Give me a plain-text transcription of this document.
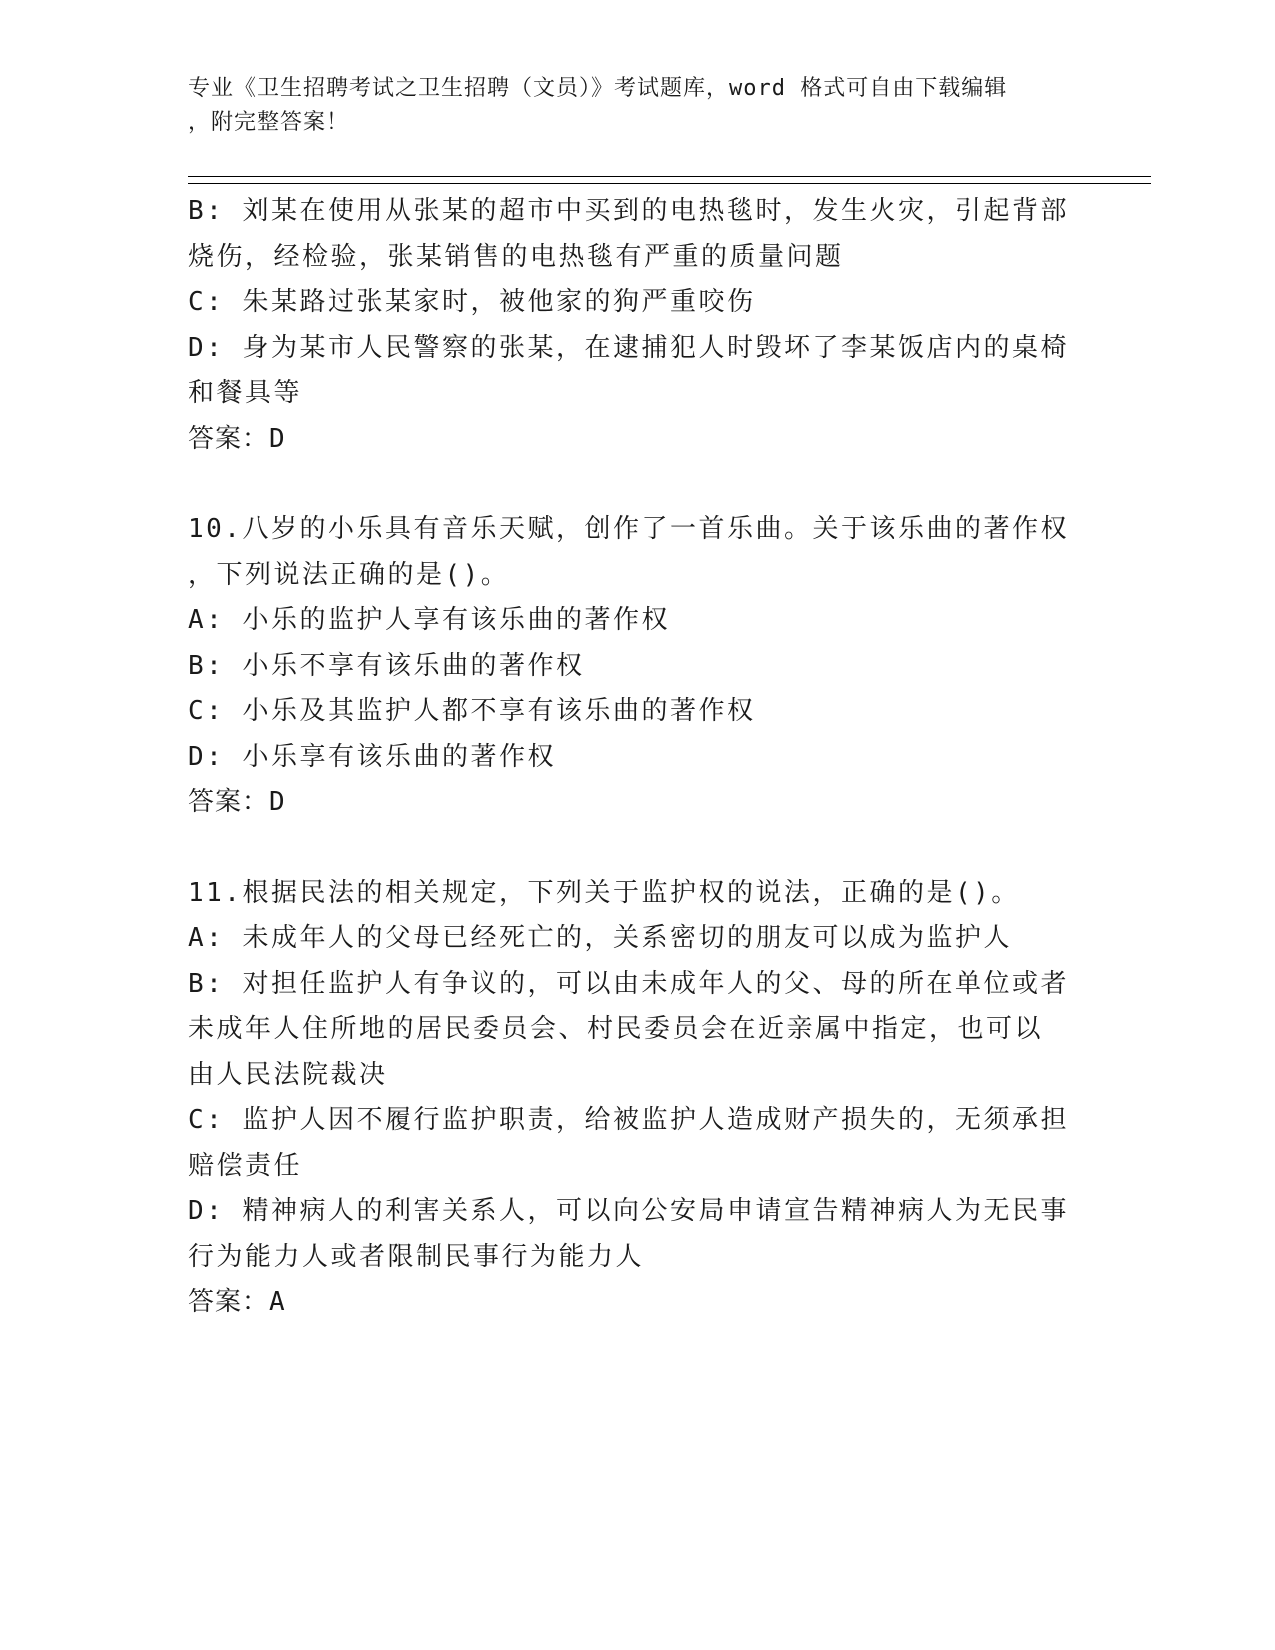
专业《卫生招聘考试之卫生招聘（文员）》考试题库，word 格式可自由下载编辑
，附完整答案！
B: 刘某在使用从张某的超市中买到的电热毯时，发生火灾，引起背部
烧伤，经检验，张某销售的电热毯有严重的质量问题
C: 朱某路过张某家时，被他家的狗严重咬伤
D: 身为某市人民警察的张某，在逮捕犯人时毁坏了李某饭店内的桌椅
和餐具等
答案：D
10.八岁的小乐具有音乐天赋，创作了一首乐曲。关于该乐曲的著作权
，下列说法正确的是()。
A: 小乐的监护人享有该乐曲的著作权
B: 小乐不享有该乐曲的著作权
C: 小乐及其监护人都不享有该乐曲的著作权
D: 小乐享有该乐曲的著作权
答案：D
11.根据民法的相关规定，下列关于监护权的说法，正确的是()。
A: 未成年人的父母已经死亡的，关系密切的朋友可以成为监护人
B: 对担任监护人有争议的，可以由未成年人的父、母的所在单位或者
未成年人住所地的居民委员会、村民委员会在近亲属中指定，也可以
由人民法院裁决
C: 监护人因不履行监护职责，给被监护人造成财产损失的，无须承担
赔偿责任
D: 精神病人的利害关系人，可以向公安局申请宣告精神病人为无民事
行为能力人或者限制民事行为能力人
答案：A
